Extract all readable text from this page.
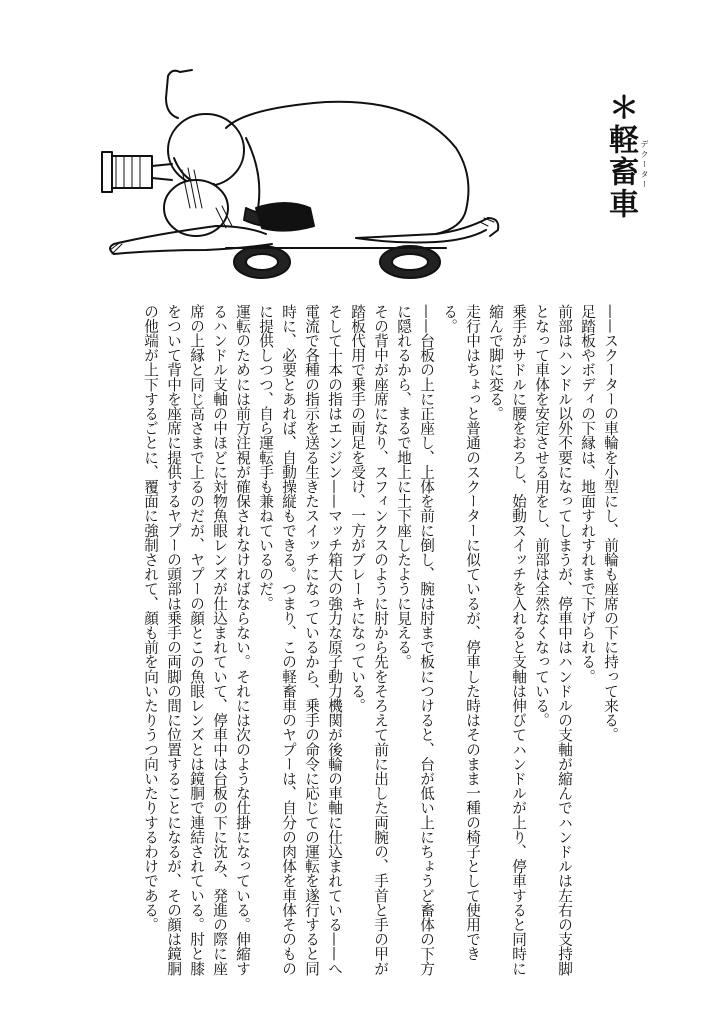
＊軽畜車 デクーター

——スクーターの車輪を小型にし、前輪も座席の下に持って来る。

足踏板やボディの下縁は、地面すれすれまで下げられる。

前部はハンドル以外不要になってしまうが、停車中はハンドルの支軸が縮んでハンドルは左右の支持脚となって車体を安定させる用をし、前部は全然なくなっている。

乗手がサドルに腰をおろし、始動スイッチを入れると支軸は伸びてハンドルが上り、停車すると同時に縮んで脚に変る。

走行中はちょっと普通のスクーターに似ているが、停車した時はそのまま一種の椅子として使用できる。

——台板の上に正座し、上体を前に倒し、腕は肘まで板につけると、台が低い上にちょうど畜体の下方に隠れるから、まるで地上に土下座したように見える。

その背中が座席になり、スフィンクスのように肘から先をそろえて前に出した両腕の、手首と手の甲が踏板代用で乗手の両足を受け、一方がブレーキになっている。

そして十本の指はエンジン——マッチ箱大の強力な原子動力機関が後輪の車軸に仕込まれている——へ電流で各種の指示を送る生きたスイッチになっているから、乗手の命令に応じての運転を遂行すると同時に、必要とあれば、自動操縦もできる。つまり、この軽畜車のヤプーは、自分の肉体を車体そのものに提供しつつ、自ら運転手も兼ねているのだ。

運転のためには前方注視が確保されなければならない。それには次のような仕掛になっている。伸縮するハンドル支軸の中ほどに対物魚眼レンズが仕込まれていて、停車中は台板の下に沈み、発進の際に座席の上縁と同じ高さまで上るのだが、ヤプーの顔とこの魚眼レンズとは鏡胴で連結されている。肘と膝をついて背中を座席に提供するヤプーの頭部は乗手の両脚の間に位置することになるが、その顔は鏡胴の他端が上下するごとに、覆面に強制されて、顔も前を向いたりうつ向いたりするわけである。
